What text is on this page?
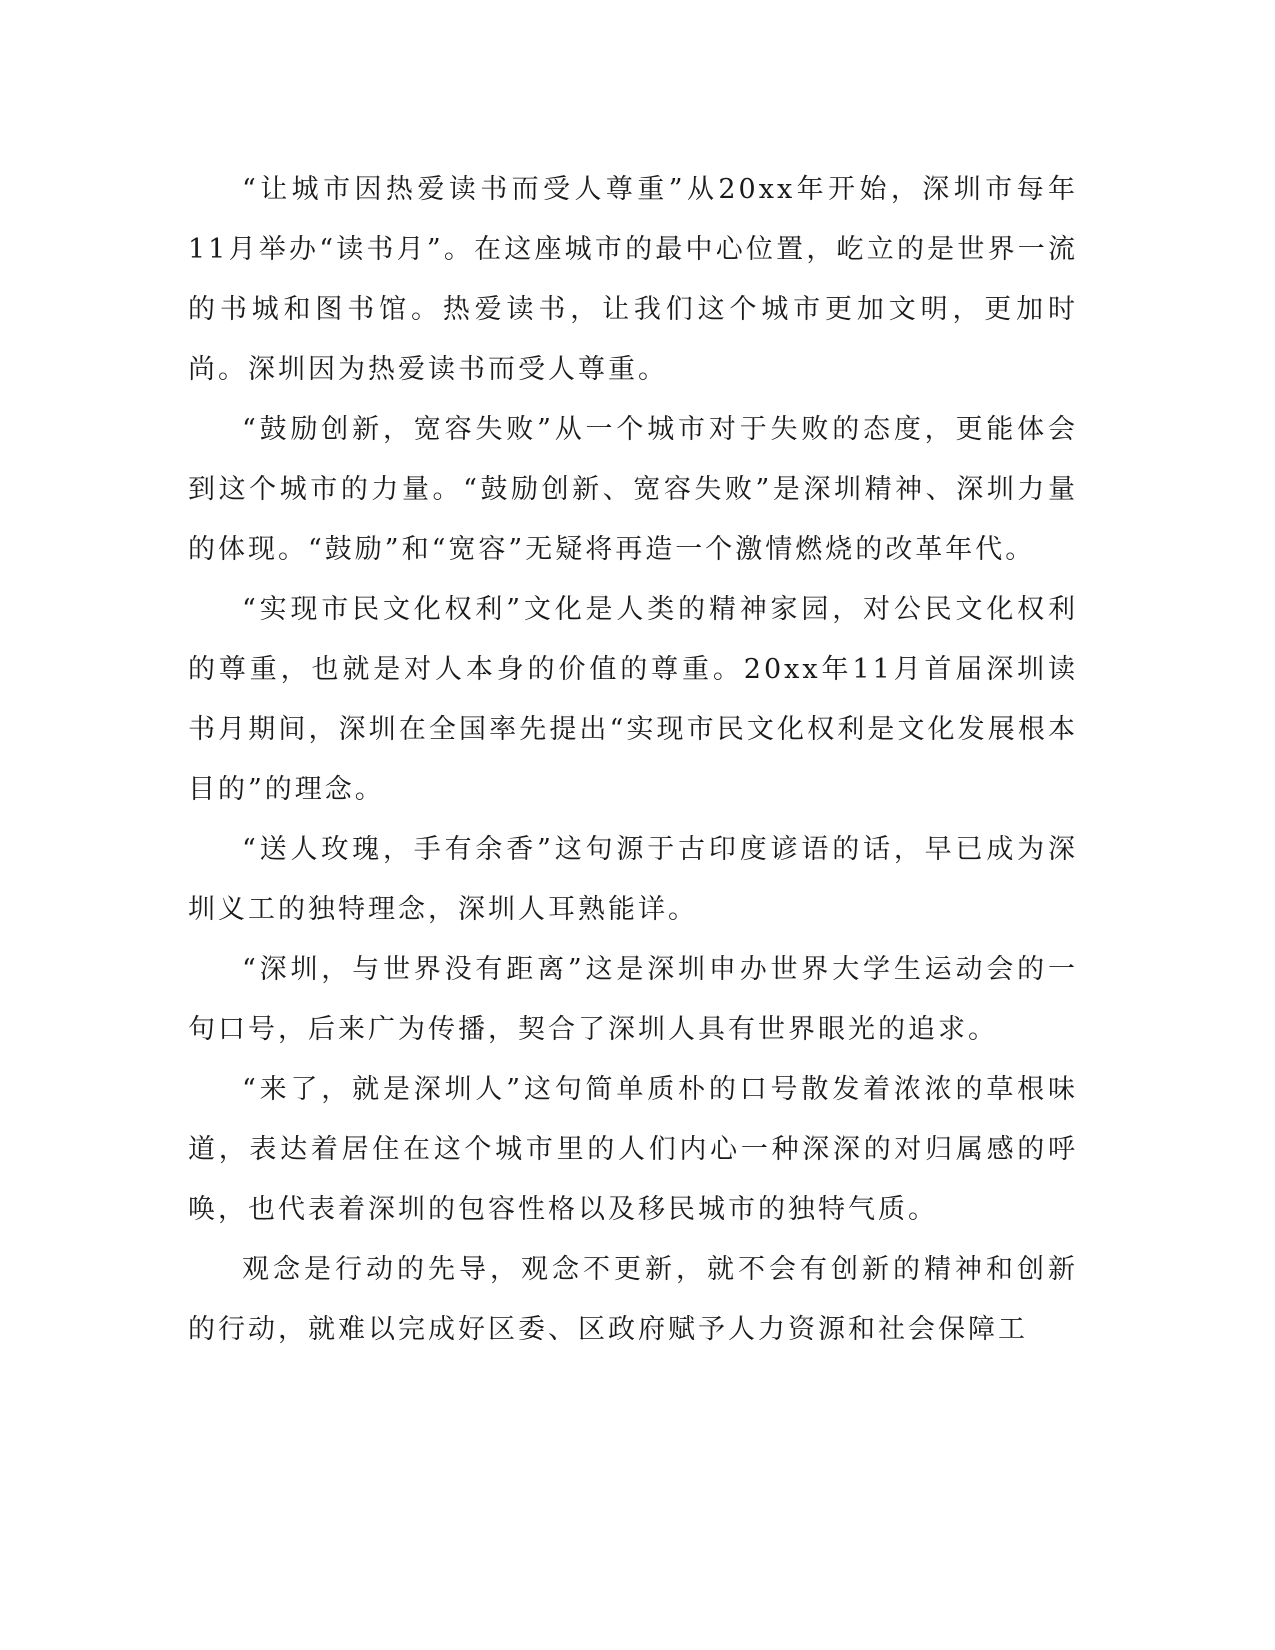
“让城市因热爱读书而受人尊重”从20xx年开始，深圳市每年11月举办“读书月”。在这座城市的最中心位置，屹立的是世界一流的书城和图书馆。热爱读书，让我们这个城市更加文明，更加时尚。深圳因为热爱读书而受人尊重。

“鼓励创新，宽容失败”从一个城市对于失败的态度，更能体会到这个城市的力量。“鼓励创新、宽容失败”是深圳精神、深圳力量的体现。“鼓励”和“宽容”无疑将再造一个激情燃烧的改革年代。

“实现市民文化权利”文化是人类的精神家园，对公民文化权利的尊重，也就是对人本身的价值的尊重。20xx年11月首届深圳读书月期间，深圳在全国率先提出“实现市民文化权利是文化发展根本目的”的理念。

“送人玫瑰，手有余香”这句源于古印度谚语的话，早已成为深圳义工的独特理念，深圳人耳熟能详。

“深圳，与世界没有距离”这是深圳申办世界大学生运动会的一句口号，后来广为传播，契合了深圳人具有世界眼光的追求。

“来了，就是深圳人”这句简单质朴的口号散发着浓浓的草根味道，表达着居住在这个城市里的人们内心一种深深的对归属感的呼唤，也代表着深圳的包容性格以及移民城市的独特气质。

观念是行动的先导，观念不更新，就不会有创新的精神和创新的行动，就难以完成好区委、区政府赋予人力资源和社会保障工
